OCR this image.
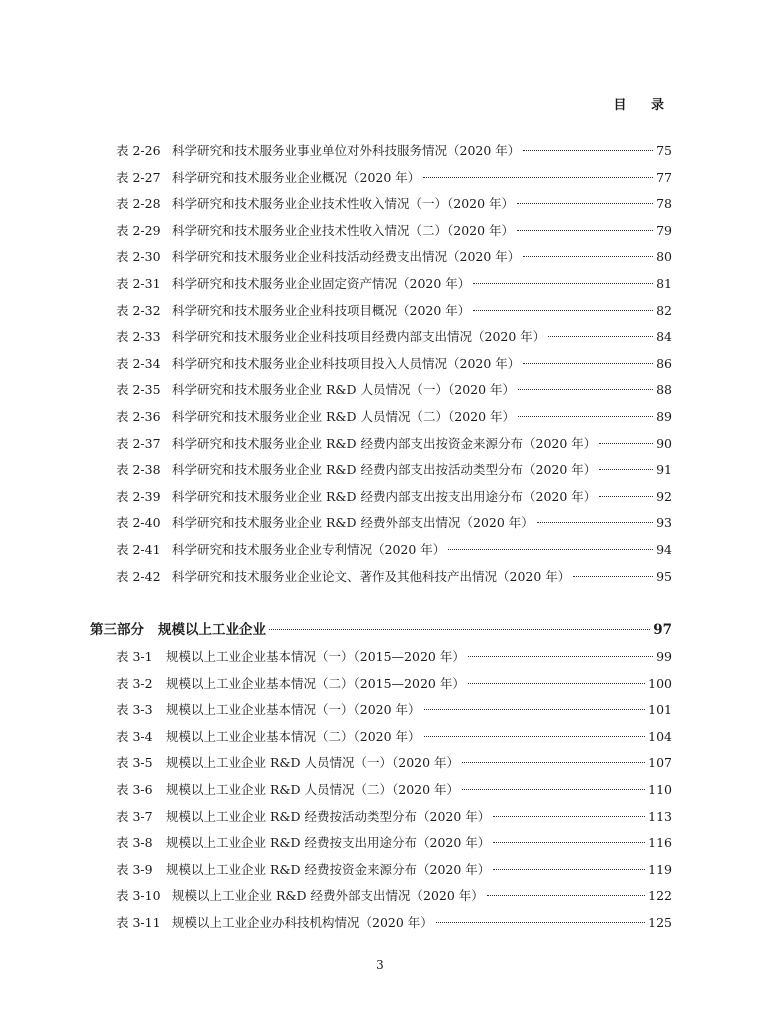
目 录
表 2-26 科学研究和技术服务业事业单位对外科技服务情况（2020 年）	75
表 2-27 科学研究和技术服务业企业概况（2020 年）	77
表 2-28 科学研究和技术服务业企业技术性收入情况（一）（2020 年）	78
表 2-29 科学研究和技术服务业企业技术性收入情况（二）（2020 年）	79
表 2-30 科学研究和技术服务业企业科技活动经费支出情况（2020 年）	80
表 2-31 科学研究和技术服务业企业固定资产情况（2020 年）	81
表 2-32 科学研究和技术服务业企业科技项目概况（2020 年）	82
表 2-33 科学研究和技术服务业企业科技项目经费内部支出情况（2020 年）	84
表 2-34 科学研究和技术服务业企业科技项目投入人员情况（2020 年）	86
表 2-35 科学研究和技术服务业企业 R&D 人员情况（一）（2020 年）	88
表 2-36 科学研究和技术服务业企业 R&D 人员情况（二）（2020 年）	89
表 2-37 科学研究和技术服务业企业 R&D 经费内部支出按资金来源分布（2020 年）	90
表 2-38 科学研究和技术服务业企业 R&D 经费内部支出按活动类型分布（2020 年）	91
表 2-39 科学研究和技术服务业企业 R&D 经费内部支出按支出用途分布（2020 年）	92
表 2-40 科学研究和技术服务业企业 R&D 经费外部支出情况（2020 年）	93
表 2-41 科学研究和技术服务业企业专利情况（2020 年）	94
表 2-42 科学研究和技术服务业企业论文、著作及其他科技产出情况（2020 年）	95
第三部分	规模以上工业企业	97
表 3-1	规模以上工业企业基本情况（一）（2015—2020 年）	99
表 3-2	规模以上工业企业基本情况（二）（2015—2020 年）	100
表 3-3	规模以上工业企业基本情况（一）（2020 年）	101
表 3-4	规模以上工业企业基本情况（二）（2020 年）	104
表 3-5	规模以上工业企业 R&D 人员情况（一）（2020 年）	107
表 3-6	规模以上工业企业 R&D 人员情况（二）（2020 年）	110
表 3-7	规模以上工业企业 R&D 经费按活动类型分布（2020 年）	113
表 3-8	规模以上工业企业 R&D 经费按支出用途分布（2020 年）	116
表 3-9	规模以上工业企业 R&D 经费按资金来源分布（2020 年）	119
表 3-10 规模以上工业企业 R&D 经费外部支出情况（2020 年）	122
表 3-11 规模以上工业企业办科技机构情况（2020 年）	125
3
